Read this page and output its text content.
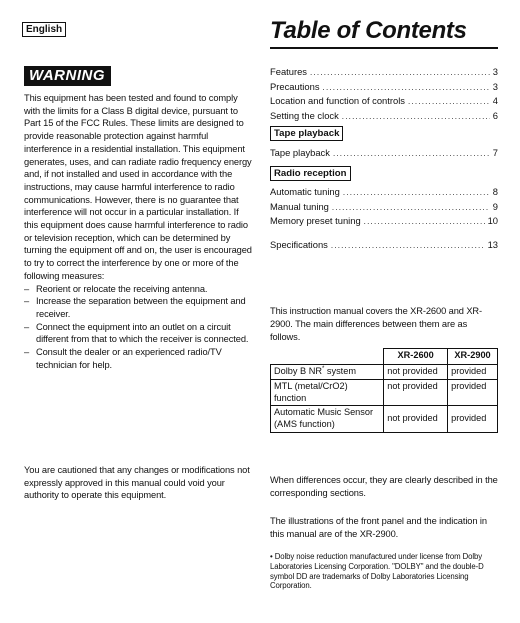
English
WARNING

This equipment has been tested and found to comply with the limits for a Class B digital device, pursuant to Part 15 of the FCC Rules. These limits are designed to provide reasonable protection against harmful interference in a residential installation. This equipment generates, uses, and can radiate radio frequency energy and, if not installed and used in accordance with the instructions, may cause harmful interference to radio communications. However, there is no guarantee that interference will not occur in a particular installation. If this equipment does cause harmful interference to radio or television reception, which can be determined by turning the equipment off and on, the user is encouraged to try to correct the interference by one or more of the following measures:

– Reorient or relocate the receiving antenna.
– Increase the separation between the equipment and receiver.
– Connect the equipment into an outlet on a circuit different from that to which the receiver is connected.
– Consult the dealer or an experienced radio/TV technician for help.

You are cautioned that any changes or modifications not expressly approved in this manual could void your authority to operate this equipment.

Table of Contents
Features .....	3
Precautions .....	3
Location and function of controls .....	4
Setting the clock .....	6
Tape playback
Tape playback .....	7
Radio reception
Automatic tuning .....	8
Manual tuning .....	9
Memory preset tuning .....	10
Specifications .....	13

This instruction manual covers the XR-2600 and XR-2900. The main differences between them are as follows.

	XR-2600	XR-2900
Dolby B NR* system	not provided	provided
MTL (metal/CrO2) function	not provided	provided
Automatic Music Sensor (AMS function)	not provided	provided

When differences occur, they are clearly described in the corresponding sections.

The illustrations of the front panel and the indication in this manual are of the XR-2900.

• Dolby noise reduction manufactured under license from Dolby Laboratories Licensing Corporation. "DOLBY" and the double-D symbol DD are trademarks of Dolby Laboratories Licensing Corporation.
